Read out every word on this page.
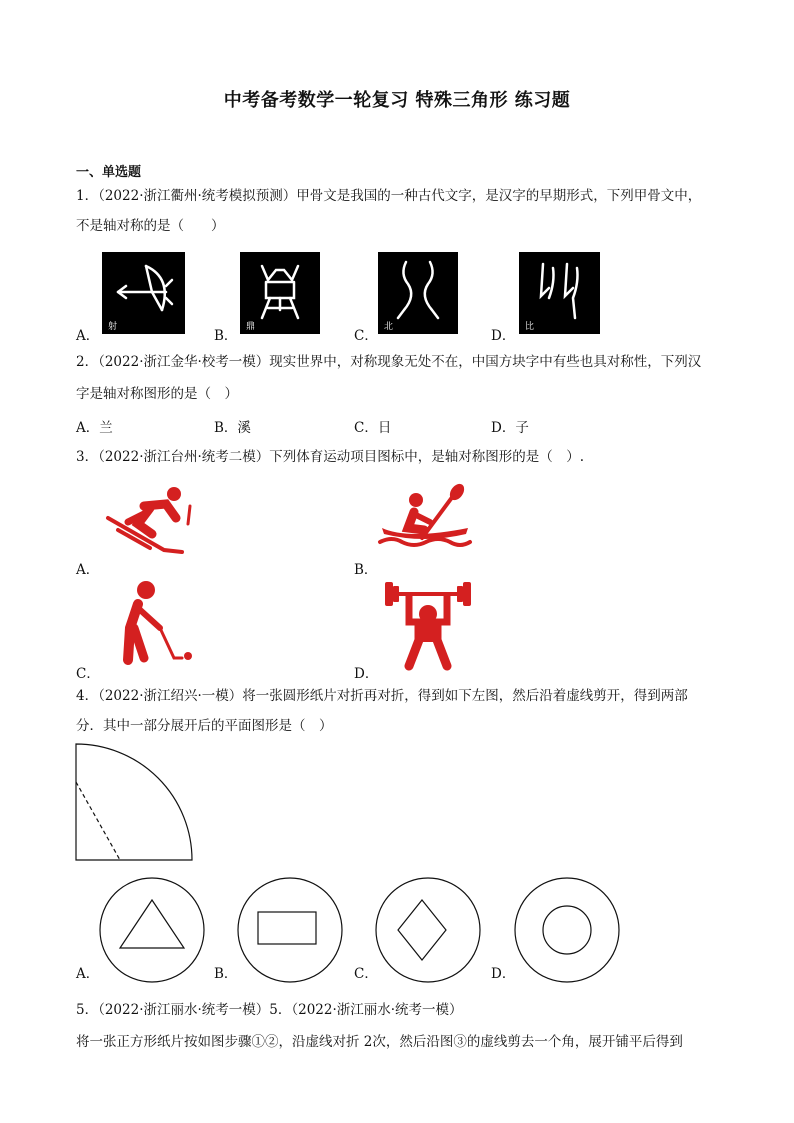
中考备考数学一轮复习 特殊三角形 练习题
一、单选题
1．（2022·浙江衢州·统考模拟预测）甲骨文是我国的一种古代文字，是汉字的早期形式，下列甲骨文中，
不是轴对称的是（　　）
A．
射
B．
鼎
C．
北
D．
比
2．（2022·浙江金华·校考一模）现实世界中，对称现象无处不在，中国方块字中有些也具对称性，下列汉
字是轴对称图形的是（　）
A．兰	B．溪	C．日	D．子
3．（2022·浙江台州·统考二模）下列体育运动项目图标中，是轴对称图形的是（　）.
A．	B．
C．	D．
4．（2022·浙江绍兴·一模）将一张圆形纸片对折再对折，得到如下左图，然后沿着虚线剪开，得到两部
分．其中一部分展开后的平面图形是（　）
A．	B．	C．	D．
5．（2022·浙江丽水·统考一模）5．（2022·浙江丽水·统考一模）
将一张正方形纸片按如图步骤①②，沿虚线对折 2次，然后沿图③的虚线剪去一个角，展开铺平后得到
